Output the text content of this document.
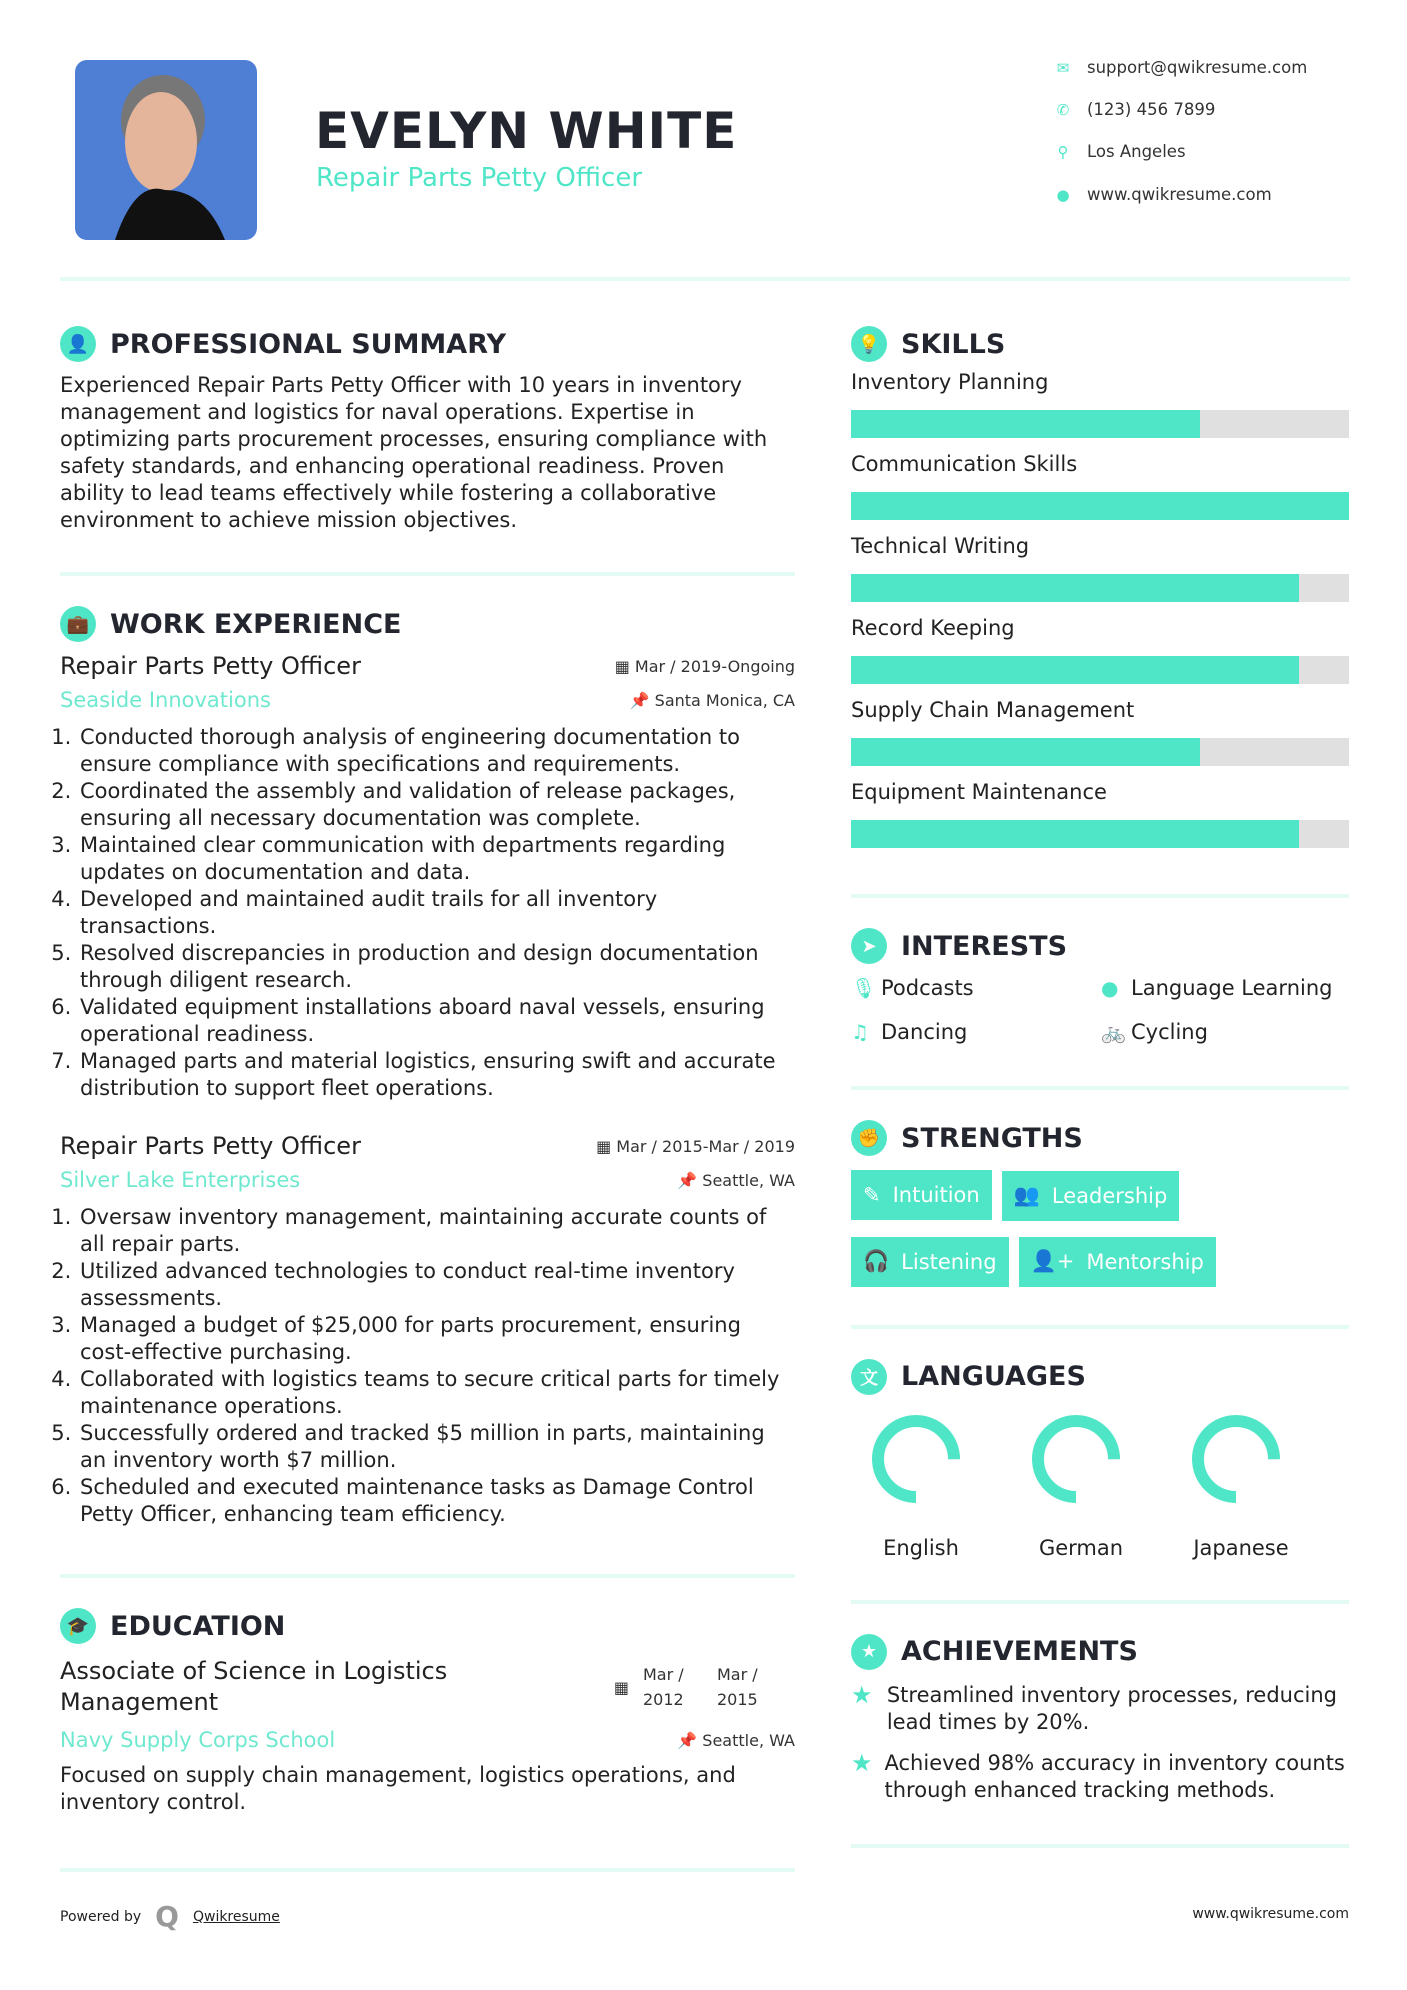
EVELYN WHITE
Repair Parts Petty Officer
✉ support@qwikresume.com
✆ (123) 456 7899
⚲ Los Angeles
● www.qwikresume.com
👤 PROFESSIONAL SUMMARY

Experienced Repair Parts Petty Officer with 10 years in inventory management and logistics for naval operations. Expertise in optimizing parts procurement processes, ensuring compliance with safety standards, and enhancing operational readiness. Proven ability to lead teams effectively while fostering a collaborative environment to achieve mission objectives.

💼 WORK EXPERIENCE
Repair Parts Petty Officer	▦ Mar / 2019-Ongoing
Seaside Innovations	📌 Santa Monica, CA
1. Conducted thorough analysis of engineering documentation to ensure compliance with specifications and requirements.
2. Coordinated the assembly and validation of release packages, ensuring all necessary documentation was complete.
3. Maintained clear communication with departments regarding updates on documentation and data.
4. Developed and maintained audit trails for all inventory transactions.
5. Resolved discrepancies in production and design documentation through diligent research.
6. Validated equipment installations aboard naval vessels, ensuring operational readiness.
7. Managed parts and material logistics, ensuring swift and accurate distribution to support fleet operations.
Repair Parts Petty Officer	▦ Mar / 2015-Mar / 2019
Silver Lake Enterprises	📌 Seattle, WA
1. Oversaw inventory management, maintaining accurate counts of all repair parts.
2. Utilized advanced technologies to conduct real-time inventory assessments.
3. Managed a budget of $25,000 for parts procurement, ensuring cost-effective purchasing.
4. Collaborated with logistics teams to secure critical parts for timely maintenance operations.
5. Successfully ordered and tracked $5 million in parts, maintaining an inventory worth $7 million.
6. Scheduled and executed maintenance tasks as Damage Control Petty Officer, enhancing team efficiency.
🎓 EDUCATION
Associate of Science in Logistics Management
▦
Mar / 2012
Mar / 2015
Navy Supply Corps School	📌 Seattle, WA

Focused on supply chain management, logistics operations, and inventory control.

💡 SKILLS
Inventory Planning
Communication Skills
Technical Writing
Record Keeping
Supply Chain Management
Equipment Maintenance
➤ INTERESTS
🎙 Podcasts	● Language Learning
♫ Dancing	🚲 Cycling
✊ STRENGTHS
✎ Intuition 👥 Leadership
🎧 Listening 👤+ Mentorship
文 LANGUAGES
English	German	Japanese
★ ACHIEVEMENTS
★ Streamlined inventory processes, reducing lead times by 20%.
★ Achieved 98% accuracy in inventory counts through enhanced tracking methods.
Powered by Q Qwikresume	www.qwikresume.com
